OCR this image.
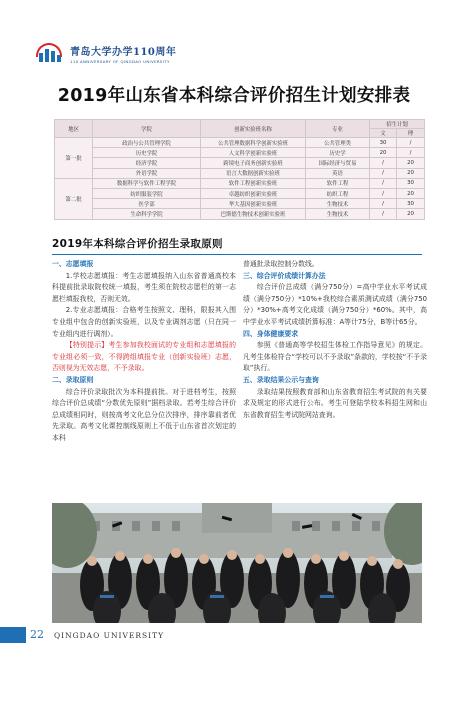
青岛大学办学110周年
110 ANNIVERSARY OF QINGDAO UNIVERSITY
2019年山东省本科综合评价招生计划安排表
地区	学院	创新实验班名称	专业	招生计划	
				文	理
第一批	政治与公共管理学院	公共管理数据科学创新实验班	公共管理类	30	/
	历史学院	人文科学创新实验班	历史学	20	/
	经济学院	跨境电子商务创新实验班	国际经济与贸易	/	20
	外语学院	语言大数据创新实验班	英语	/	20
第二批	数据科学与软件工程学院	软件工程创新实验班	软件工程	/	30
	纺织服装学院	卓越纺织创新实验班	纺织工程	/	20
	医学部	华大基因创新实验班	生物技术	/	30
	生命科学学院	巴斯德生物技术创新实验班	生物技术	/	20
2019年本科综合评价招生录取原则

一、志愿填报

1.学校志愿填报：考生志愿填报纳入山东省普通高校本科提前批录取院校统一填报，考生须在院校志愿栏的第一志愿栏填报我校，否则无效。

2.专业志愿填报：合格考生按照文、理科，限报其入围专业组中包含的创新实验班，以及专业调剂志愿（只在同一专业组内进行调剂）。

【特别提示】考生参加我校面试的专业组和志愿填报的专业组必须一致，不得跨组填报专业（创新实验班）志愿，否则视为无效志愿，不予录取。

二、录取原则

综合评价录取批次为本科提前批。对于进档考生，按照综合评价总成绩“分数优先原则”据档录取。若考生综合评价总成绩相同时，则按高考文化总分位次排序，排序靠前者优先录取。高考文化课控制线原则上不低于山东省首次划定的本科

普通批录取控制分数线。

三、综合评价成绩计算办法

综合评价总成绩（满分750分）=高中学业水平考试成绩（满分750分）*10%+我校综合素质测试成绩（满分750分）*30%+高考文化成绩（满分750分）*60%。其中，高中学业水平考试成绩折算标准：A等计75分，B等计65分。

四、身体健康要求

参照《普通高等学校招生体检工作指导意见》的规定。凡考生体检符合“学校可以不予录取”条款的，学校按“不予录取”执行。

五、录取结果公示与查询

录取结果按照教育部和山东省教育招生考试院的有关要求及规定的形式进行公布。考生可登陆学校本科招生网和山东省教育招生考试院网站查询。

22 QINGDAO UNIVERSITY
